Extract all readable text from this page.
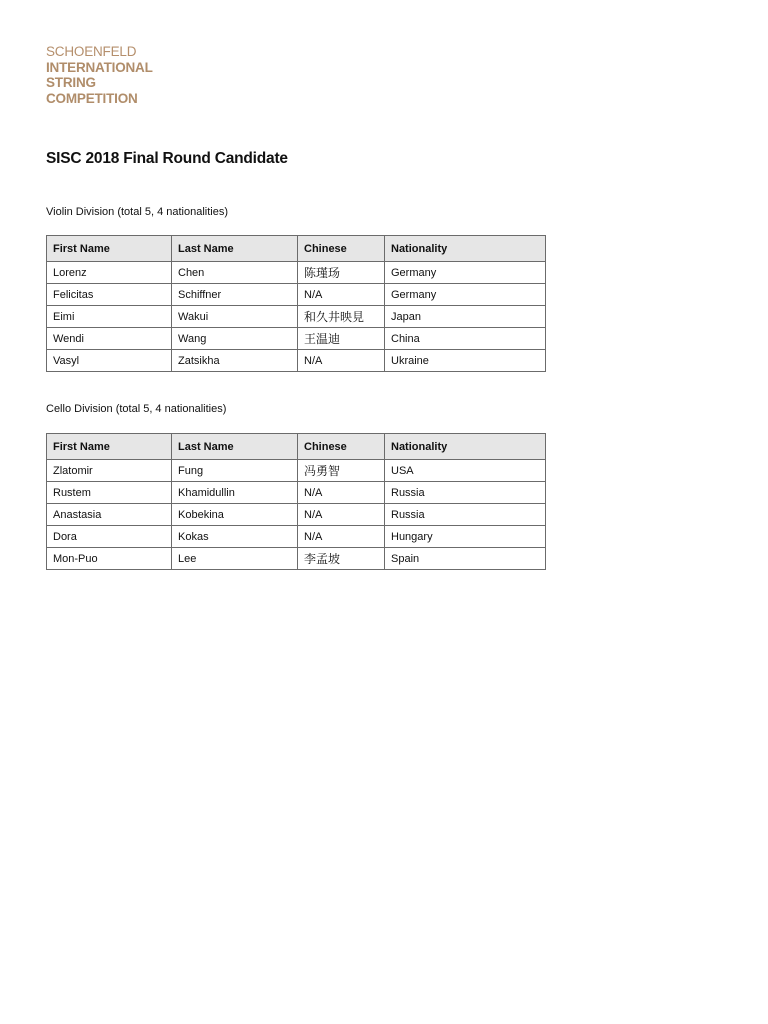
SCHOENFELD
INTERNATIONAL
STRING
COMPETITION
SISC 2018 Final Round Candidate
Violin Division (total 5, 4 nationalities)
First Name	Last Name	Chinese	Nationality
Lorenz	Chen	陈瑾玚	Germany
Felicitas	Schiffner	N/A	Germany
Eimi	Wakui	和久井映見	Japan
Wendi	Wang	王温迪	China
Vasyl	Zatsikha	N/A	Ukraine
Cello Division (total 5, 4 nationalities)
First Name	Last Name	Chinese	Nationality
Zlatomir	Fung	冯勇智	USA
Rustem	Khamidullin	N/A	Russia
Anastasia	Kobekina	N/A	Russia
Dora	Kokas	N/A	Hungary
Mon-Puo	Lee	李孟坡	Spain
